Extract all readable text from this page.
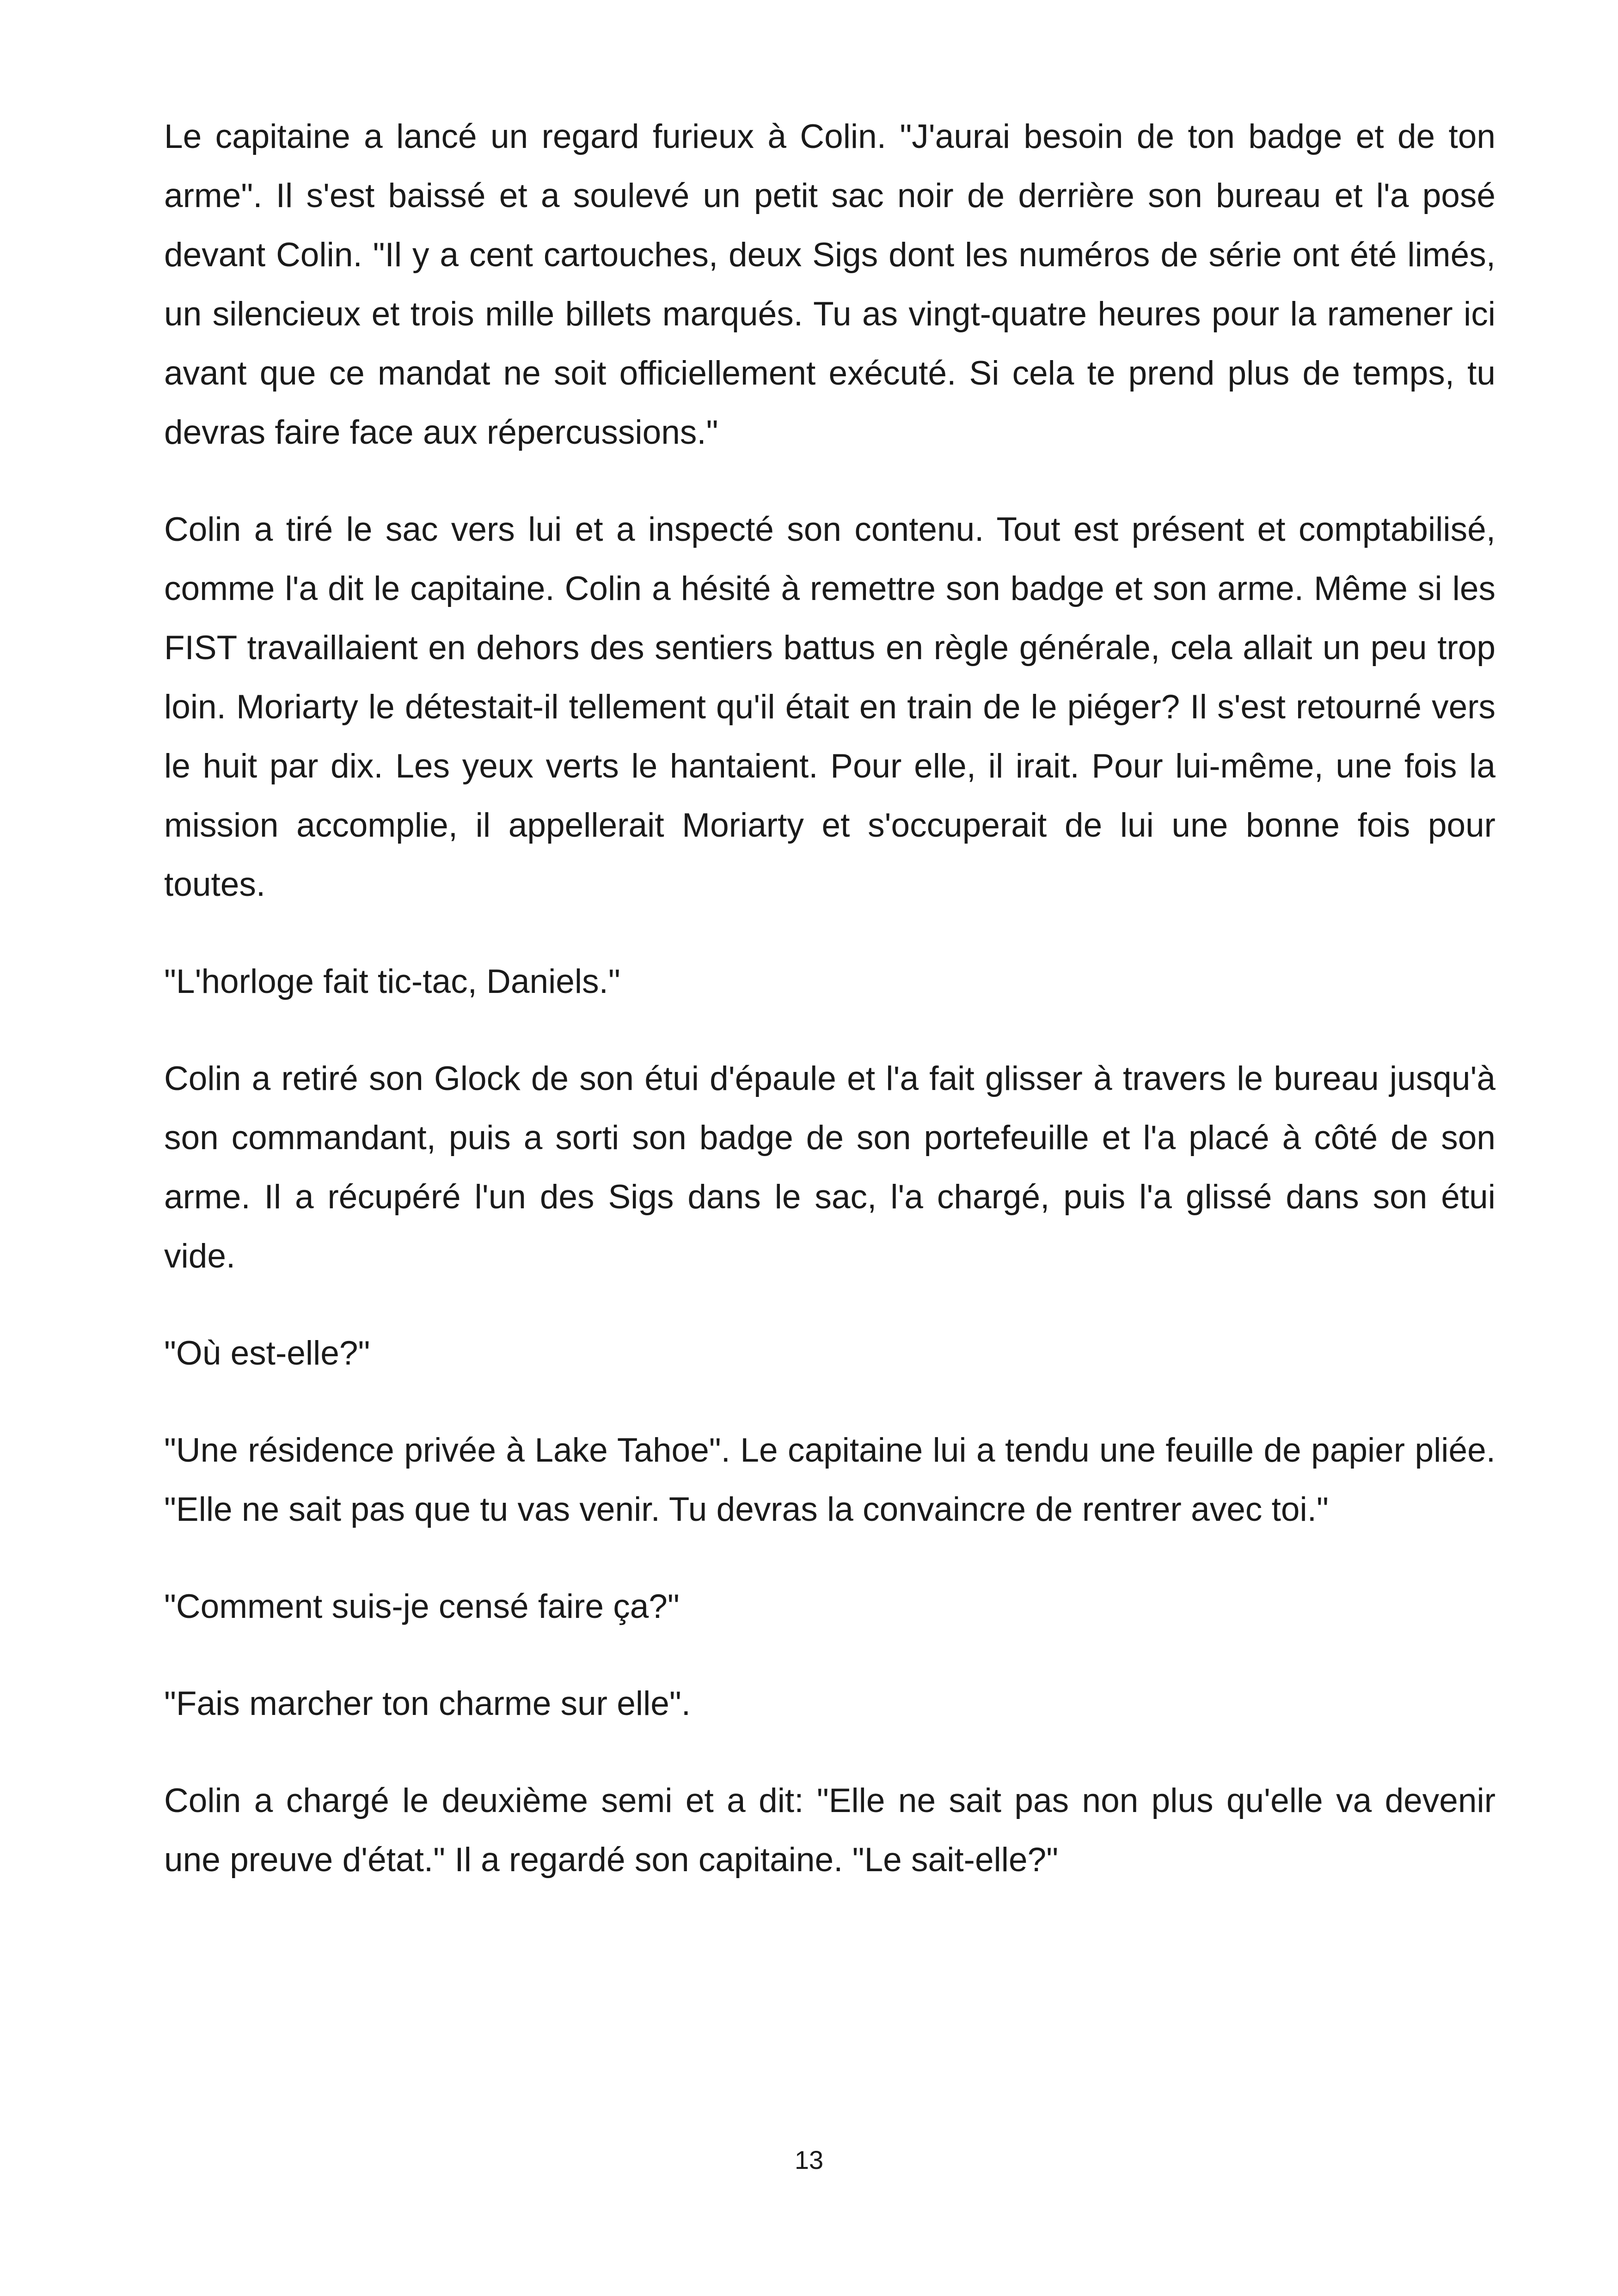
Le capitaine a lancé un regard furieux à Colin. "J'aurai besoin de ton badge et de ton arme". Il s'est baissé et a soulevé un petit sac noir de derrière son bureau et l'a posé devant Colin. "Il y a cent cartouches, deux Sigs dont les numéros de série ont été limés, un silencieux et trois mille billets marqués. Tu as vingt-quatre heures pour la ramener ici avant que ce mandat ne soit officiellement exécuté. Si cela te prend plus de temps, tu devras faire face aux répercussions."

Colin a tiré le sac vers lui et a inspecté son contenu. Tout est présent et comptabilisé, comme l'a dit le capitaine. Colin a hésité à remettre son badge et son arme. Même si les FIST travaillaient en dehors des sentiers battus en règle générale, cela allait un peu trop loin. Moriarty le détestait-il tellement qu'il était en train de le piéger? Il s'est retourné vers le huit par dix. Les yeux verts le hantaient. Pour elle, il irait. Pour lui-même, une fois la mission accomplie, il appellerait Moriarty et s'occuperait de lui une bonne fois pour toutes.

"L'horloge fait tic-tac, Daniels."

Colin a retiré son Glock de son étui d'épaule et l'a fait glisser à travers le bureau jusqu'à son commandant, puis a sorti son badge de son portefeuille et l'a placé à côté de son arme. Il a récupéré l'un des Sigs dans le sac, l'a chargé, puis l'a glissé dans son étui vide.

"Où est-elle?"

"Une résidence privée à Lake Tahoe". Le capitaine lui a tendu une feuille de papier pliée. "Elle ne sait pas que tu vas venir. Tu devras la convaincre de rentrer avec toi."

"Comment suis-je censé faire ça?"

"Fais marcher ton charme sur elle".

Colin a chargé le deuxième semi et a dit: "Elle ne sait pas non plus qu'elle va devenir une preuve d'état." Il a regardé son capitaine. "Le sait-elle?"

13
